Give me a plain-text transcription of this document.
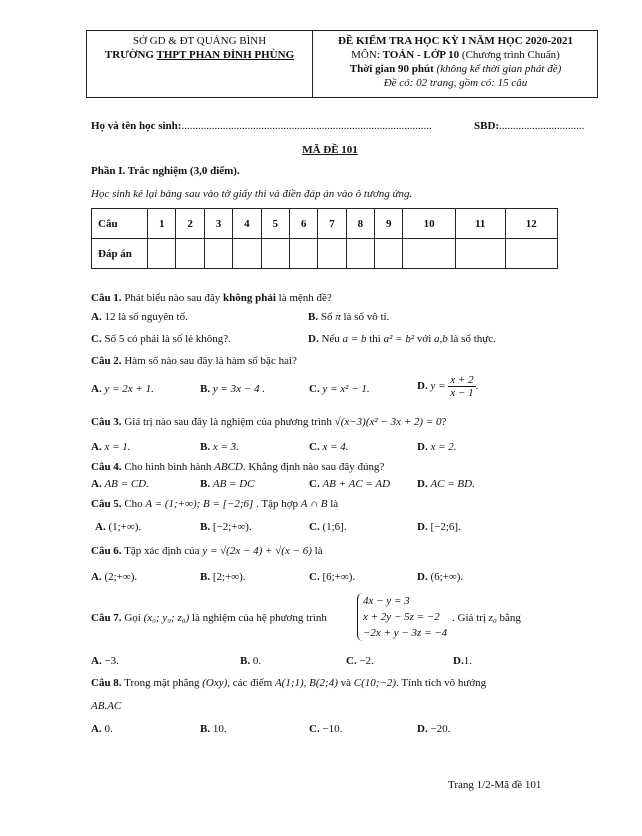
SỞ GD & ĐT QUẢNG BÌNH
TRƯỜNG THPT PHAN ĐÌNH PHÙNG
ĐỀ KIỂM TRA HỌC KỲ I NĂM HỌC 2020-2021
MÔN: TOÁN - LỚP 10 (Chương trình Chuẩn)
Thời gian 90 phút (không kể thời gian phát đề)
Đề có: 02 trang, gồm có: 15 câu
Họ và tên học sinh:...........................................................................................	SBD:...............................
MÃ ĐỀ 101
Phần I. Trắc nghiệm (3,0 điểm).
Học sinh kẻ lại bảng sau vào tờ giấy thi và điền đáp án vào ô tương ứng.
Câu	1	2	3	4	5	6	7	8	9	10	11	12
Đáp án												
Câu 1. Phát biểu nào sau đây không phải là mệnh đề?
A. 12 là số nguyên tố.	B. Số π là số vô tỉ.
C. Số 5 có phải là số lẻ không?.	D. Nếu a = b thì a² = b² với a,b là số thực.
Câu 2. Hàm số nào sau đây là hàm số bậc hai?
A. y = 2x + 1.	B. y = 3x − 4 .	C. y = x² − 1.	D. $y = \frac{x + 2}{x - 1}$ .
Câu 3. Giá trị nào sau đây là nghiệm của phương trình √(x−3)(x² − 3x + 2) = 0?
A. x = 1.	B. x = 3.	C. x = 4.	D. x = 2.
Câu 4. Cho hình bình hành ABCD. Khẳng định nào sau đây đúng?
A. AB = CD.	B. AB = DC	C. AB + AC = AD D. AC = BD.
Câu 5. Cho A = (1;+∞); B = [−2;6] . Tập hợp A ∩ B là
A. (1;+∞).	B. [−2;+∞).	C. (1;6].	D. [−2;6].
Câu 6. Tập xác định của y = √(2x − 4) + √(x − 6) là
A. (2;+∞).	B. [2;+∞).	C. [6;+∞).	D. (6;+∞).
Câu 7. Gọi (x₀; y₀; z₀) là nghiệm của hệ phương trình
4x − y = 3
x + 2y − 5z = −2
−2x + y − 3z = −4
. Giá trị z₀ bằng
A. −3.	B. 0.	C. −2.	D.1.
Câu 8. Trong mặt phẳng (Oxy), các điểm A(1;1), B(2;4) và C(10;−2). Tính tích vô hướng
AB.AC
A. 0.	B. 10.	C. −10.	D. −20.
Trang 1/2-Mã đề 101
